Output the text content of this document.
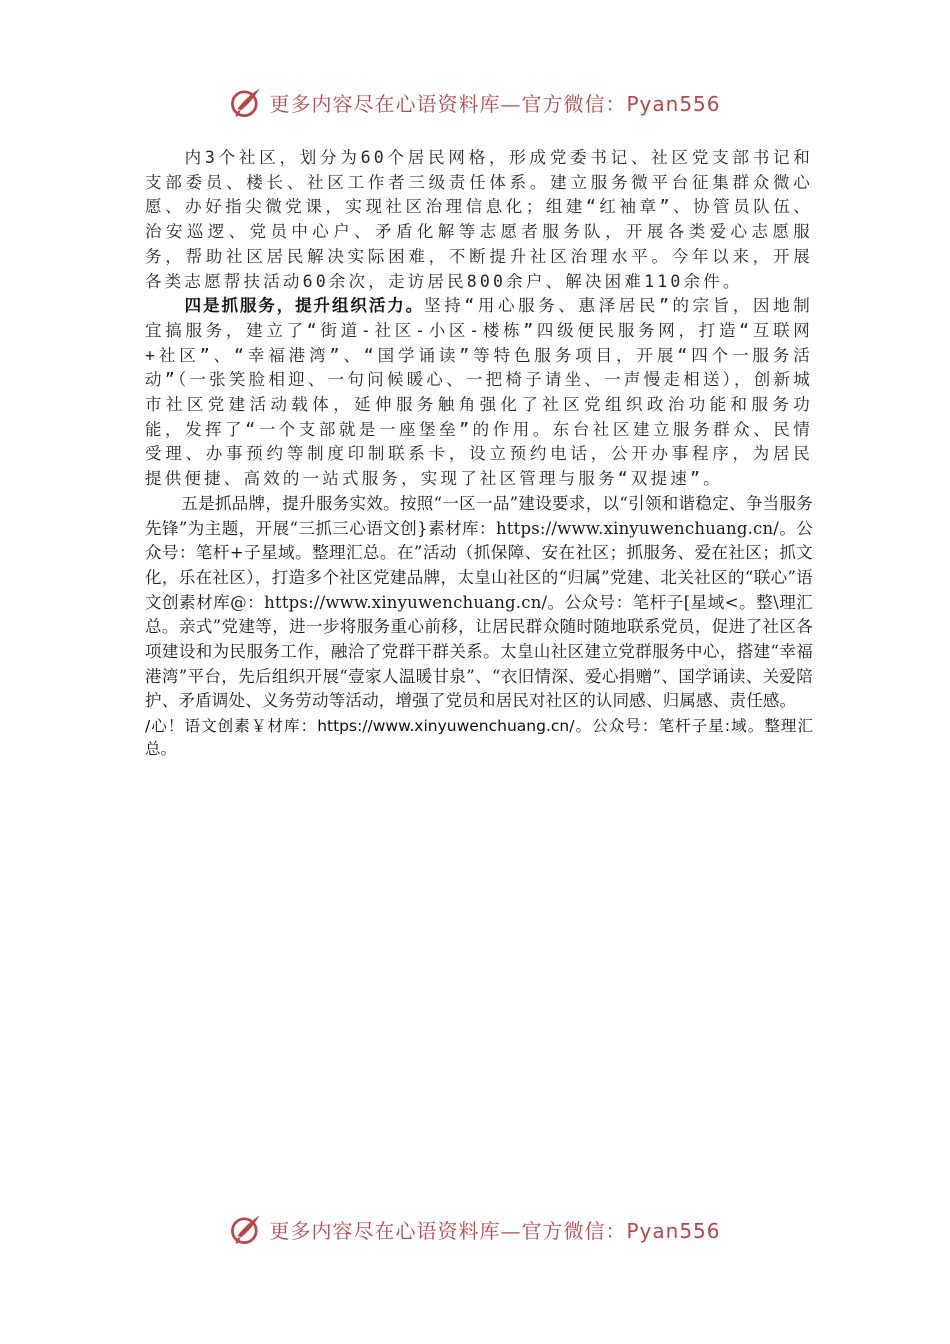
更多内容尽在心语资料库—官方微信：Pyan556

内3个社区，划分为60个居民网格，形成党委书记、社区党支部书记和支部委员、楼长、社区工作者三级责任体系。建立服务微平台征集群众微心愿、办好指尖微党课，实现社区治理信息化；组建“红袖章”、协管员队伍、治安巡逻、党员中心户、矛盾化解等志愿者服务队，开展各类爱心志愿服务，帮助社区居民解决实际困难，不断提升社区治理水平。今年以来，开展各类志愿帮扶活动60余次，走访居民800余户、解决困难110余件。

四是抓服务，提升组织活力。坚持“用心服务、惠泽居民”的宗旨，因地制宜搞服务，建立了“街道-社区-小区-楼栋”四级便民服务网，打造“互联网+社区”、“幸福港湾”、“国学诵读”等特色服务项目，开展“四个一服务活动”（一张笑脸相迎、一句问候暖心、一把椅子请坐、一声慢走相送），创新城市社区党建活动载体，延伸服务触角强化了社区党组织政治功能和服务功能，发挥了“一个支部就是一座堡垒”的作用。东台社区建立服务群众、民情受理、办事预约等制度印制联系卡，设立预约电话，公开办事程序，为居民提供便捷、高效的一站式服务，实现了社区管理与服务“双提速”。

五是抓品牌，提升服务实效。按照“一区一品”建设要求，以“引领和谐稳定、争当服务先锋”为主题，开展“三抓三心语文创}素材库：https://www.xinyuwenchuang.cn/。公众号：笔杆+子星域。整理汇总。在”活动（抓保障、安在社区；抓服务、爱在社区；抓文化，乐在社区），打造多个社区党建品牌，太皇山社区的“归属”党建、北关社区的“联心”语文创素材库@：https://www.xinyuwenchuang.cn/。公众号：笔杆子[星域<。整\理汇总。亲式”党建等，进一步将服务重心前移，让居民群众随时随地联系党员，促进了社区各项建设和为民服务工作，融洽了党群干群关系。太皇山社区建立党群服务中心，搭建“幸福港湾”平台，先后组织开展“壹家人温暖甘泉”、“衣旧情深、爱心捐赠”、国学诵读、关爱陪护、矛盾调处、义务劳动等活动，增强了党员和居民对社区的认同感、归属感、责任感。

/心！语文创素￥材库：https://www.xinyuwenchuang.cn/。公众号：笔杆子星:域。整理汇总。

更多内容尽在心语资料库—官方微信：Pyan556
